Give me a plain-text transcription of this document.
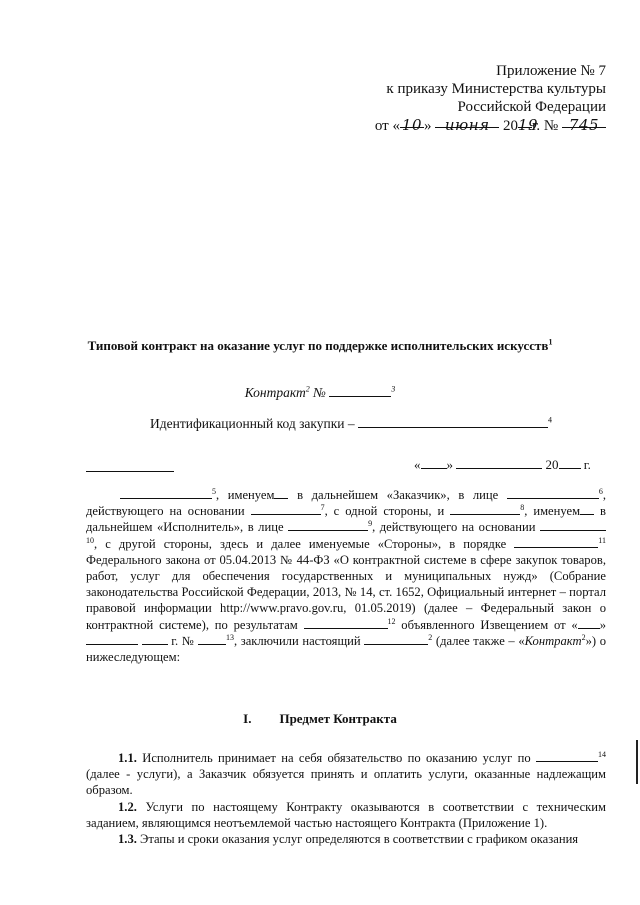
Приложение № 7
к приказу Министерства культуры
Российской Федерации
от « 10 » июня 2019г. № 745
Типовой контракт на оказание услуг по поддержке исполнительских искусств$^1$
Контракт$^2$ №	$^3$
Идентификационный код закупки –	$^4$
« »	20 г.

$^5$, именуем в дальнейшем «Заказчик», в лице	$^6$, действующего на основании	$^7$, с одной стороны, и	$^8$, именуем в дальнейшем «Исполнитель», в лице	$^9$, действующего на основании $^{10}$, с другой стороны, здесь и далее именуемые «Стороны», в порядке	$^{11}$ Федерального закона от 05.04.2013 № 44-ФЗ «О контрактной системе в сфере закупок товаров, работ, услуг для обеспечения государственных и муниципальных нужд» (Собрание законодательства Российской Федерации, 2013, № 14, ст. 1652, Официальный интернет – портал правовой информации http://www.pravo.gov.ru, 01.05.2019) (далее – Федеральный закон о контрактной системе), по результатам	$^{12}$ объявленного Извещением от « »   г. №	$^{13}$, заключили настоящий	$^2$ (далее также – «Контракт$^2$») о нижеследующем:

I. Предмет Контракта

1.1. Исполнитель принимает на себя обязательство по оказанию услуг по	$^{14}$ (далее - услуги), а Заказчик обязуется принять и оплатить услуги, оказанные надлежащим образом.

1.2. Услуги по настоящему Контракту оказываются в соответствии с техническим заданием, являющимся неотъемлемой частью настоящего Контракта (Приложение 1).

1.3. Этапы и сроки оказания услуг определяются в соответствии с графиком оказания
